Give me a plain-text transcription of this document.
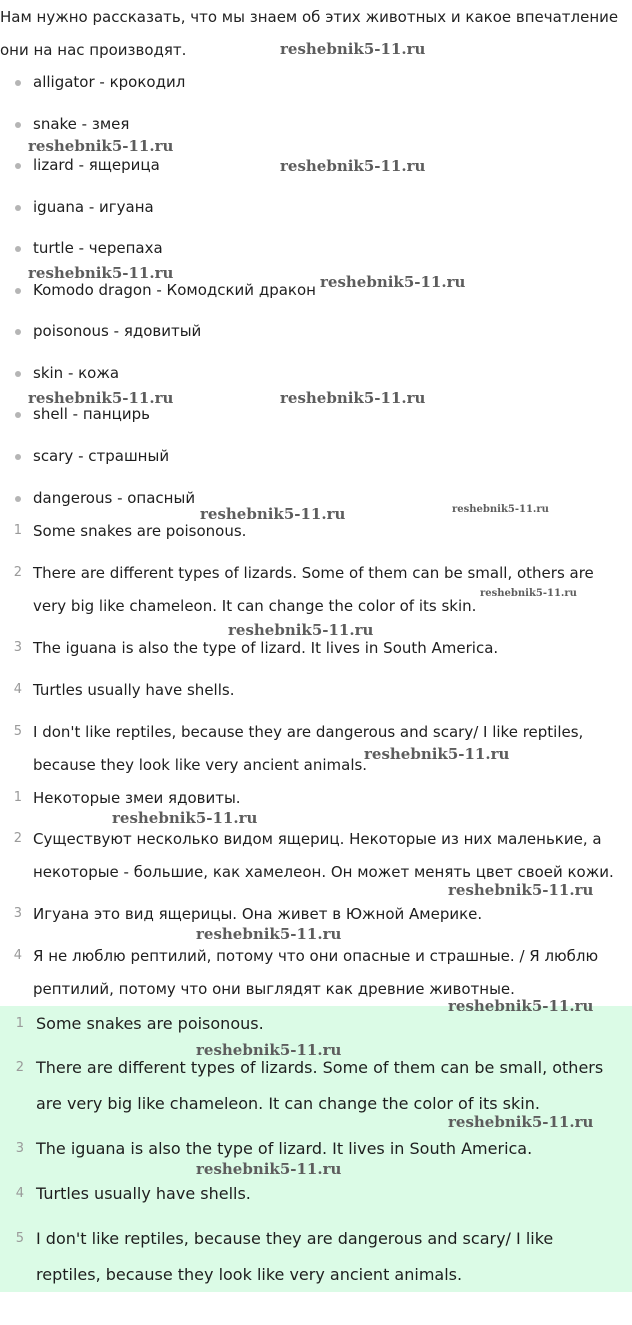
Нам нужно рассказать, что мы знаем об этих животных и какое впечатление
они на нас производят.
alligator - крокодил
snake - змея
lizard - ящерица
iguana - игуана
turtle - черепаха
Komodo dragon - Комодский дракон
poisonous - ядовитый
skin - кожа
shell - панцирь
scary - страшный
dangerous - опасный
1 Some snakes are poisonous.
2 There are different types of lizards. Some of them can be small, others are
very big like chameleon. It can change the color of its skin.
3 The iguana is also the type of lizard. It lives in South America.
4 Turtles usually have shells.
5 I don't like reptiles, because they are dangerous and scary/ I like reptiles,
because they look like very ancient animals.
1 Некоторые змеи ядовиты.
2 Существуют несколько видом ящериц. Некоторые из них маленькие, а
некоторые - большие, как хамелеон. Он может менять цвет своей кожи.
3 Игуана это вид ящерицы. Она живет в Южной Америке.
4 Я не люблю рептилий, потому что они опасные и страшные. / Я люблю
рептилий, потому что они выглядят как древние животные.
1 Some snakes are poisonous.
2 There are different types of lizards. Some of them can be small, others
are very big like chameleon. It can change the color of its skin.
3 The iguana is also the type of lizard. It lives in South America.
4 Turtles usually have shells.
5 I don't like reptiles, because they are dangerous and scary/ I like
reptiles, because they look like very ancient animals.
reshebnik5-11.ru
reshebnik5-11.ru
reshebnik5-11.ru
reshebnik5-11.ru	reshebnik5-11.ru
reshebnik5-11.ru	reshebnik5-11.ru
reshebnik5-11.ru	reshebnik5-11.ru
reshebnik5-11.ru
reshebnik5-11.ru
reshebnik5-11.ru
reshebnik5-11.ru
reshebnik5-11.ru
reshebnik5-11.ru
reshebnik5-11.ru
reshebnik5-11.ru
reshebnik5-11.ru
reshebnik5-11.ru
